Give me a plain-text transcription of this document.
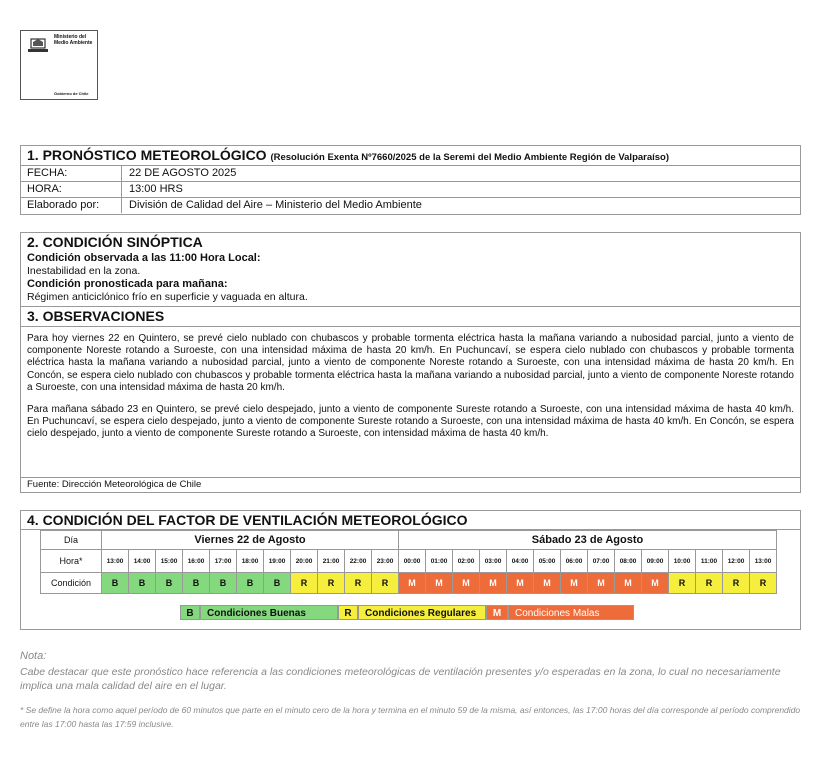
Ministerio del Medio Ambiente
Gobierno de Chile
1. PRONÓSTICO METEOROLÓGICO (Resolución Exenta Nº7660/2025 de la Seremi del Medio Ambiente Región de Valparaíso)
FECHA:	22 DE AGOSTO 2025
HORA:	13:00 HRS
Elaborado por:	División de Calidad del Aire – Ministerio del Medio Ambiente
2. CONDICIÓN SINÓPTICA
Condición observada a las 11:00 Hora Local:
Inestabilidad en la zona.
Condición pronosticada para mañana:
Régimen anticiclónico frío en superficie y vaguada en altura.
3. OBSERVACIONES

Para hoy viernes 22 en Quintero, se prevé cielo nublado con chubascos y probable tormenta eléctrica hasta la mañana variando a nubosidad parcial, junto a viento de componente Noreste rotando a Suroeste, con una intensidad máxima de hasta 20 km/h. En Puchuncaví, se espera cielo nublado con chubascos y probable tormenta eléctrica hasta la mañana variando a nubosidad parcial, junto a viento de componente Noreste rotando a Suroeste, con una intensidad máxima de hasta 20 km/h. En Concón, se espera cielo nublado con chubascos y probable tormenta eléctrica hasta la mañana variando a nubosidad parcial, junto a viento de componente Noreste rotando a Suroeste, con una intensidad máxima de hasta 20 km/h.

Para mañana sábado 23 en Quintero, se prevé cielo despejado, junto a viento de componente Sureste rotando a Suroeste, con una intensidad máxima de hasta 40 km/h. En Puchuncaví, se espera cielo despejado, junto a viento de componente Sureste rotando a Suroeste, con una intensidad máxima de hasta 40 km/h. En Concón, se espera cielo despejado, junto a viento de componente Sureste rotando a Suroeste, con intensidad máxima de hasta 40 km/h.

Fuente: Dirección Meteorológica de Chile
4. CONDICIÓN DEL FACTOR DE VENTILACIÓN METEOROLÓGICO
Día	Viernes 22 de Agosto											Sábado 23 de Agosto													
Hora*	13:00	14:00	15:00	16:00	17:00	18:00	19:00	20:00	21:00	22:00	23:00	00:00	01:00	02:00	03:00	04:00	05:00	06:00	07:00	08:00	09:00	10:00	11:00	12:00	13:00
Condición	B	B	B	B	B	B	B	R	R	R	R	M	M	M	M	M	M	M	M	M	M	R	R	R	R
B Condiciones Buenas	R Condiciones Regulares M Condiciones Malas
Nota:
Cabe destacar que este pronóstico hace referencia a las condiciones meteorológicas de ventilación presentes y/o esperadas en la zona, lo cual no necesariamente implica una mala calidad del aire en el lugar.
* Se define la hora como aquel período de 60 minutos que parte en el minuto cero de la hora y termina en el minuto 59 de la misma, así entonces, las 17:00 horas del día corresponde al período comprendido entre las 17:00 hasta las 17:59 inclusive.
